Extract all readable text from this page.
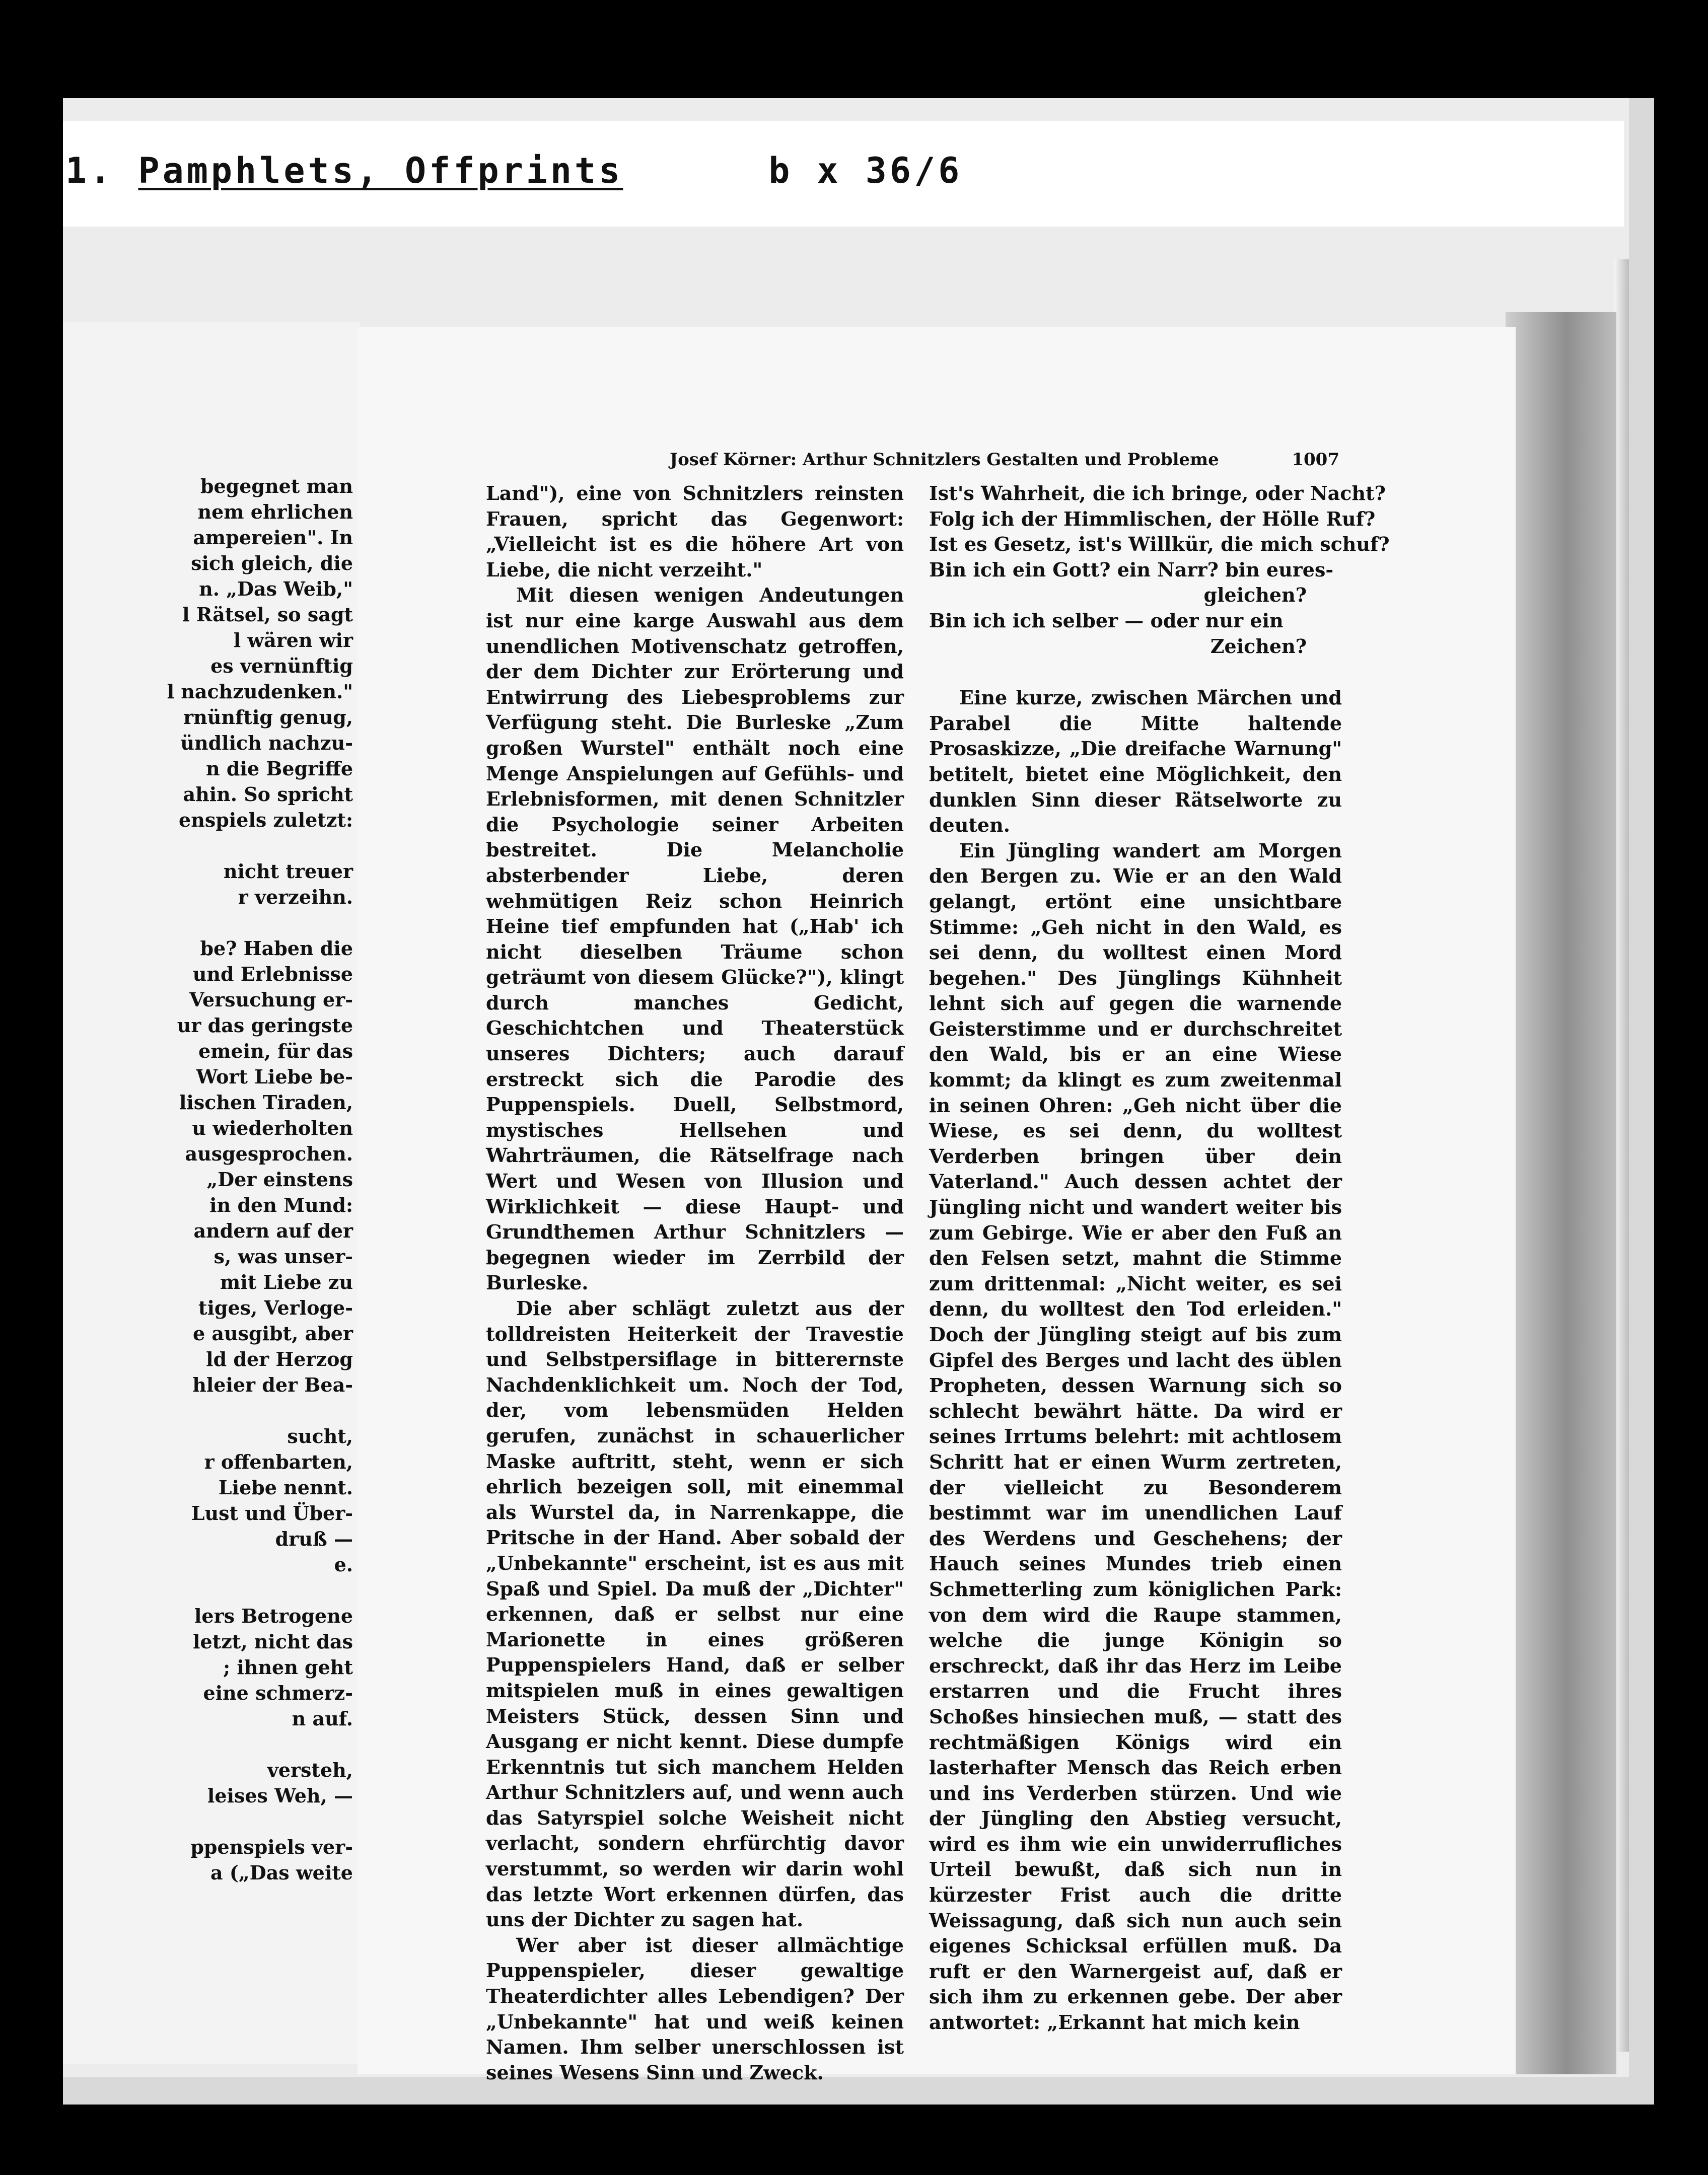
1. Pamphlets, Offprints	b x 36/6
begegnet man
nem ehrlichen
ampereien". In
sich gleich, die
n. „Das Weib,"
l Rätsel, so sagt
l wären wir
es vernünftig
l nachzudenken."
rnünftig genug,
ündlich nachzu-
n die Begriffe
ahin. So spricht
enspiels zuletzt:

nicht treuer
r verzeihn.

be? Haben die
und Erlebnisse
Versuchung er-
ur das geringste
emein, für das
Wort Liebe be-
lischen Tiraden,
u wiederholten
ausgesprochen.
„Der einstens
in den Mund:
andern auf der
s, was unser-
mit Liebe zu
tiges, Verloge-
e ausgibt, aber
ld der Herzog
hleier der Bea-

sucht,
r offenbarten,
Liebe nennt.
Lust und Über-
druß —
e.

lers Betrogene
letzt, nicht das
; ihnen geht
eine schmerz-
n auf.

versteh,
leises Weh, —

ppenspiels ver-
a („Das weite
Josef Körner: Arthur Schnitzlers Gestalten und Probleme	1007

Land"), eine von Schnitzlers reinsten Frauen, spricht das Gegenwort: „Vielleicht ist es die höhere Art von Liebe, die nicht verzeiht."

Mit diesen wenigen Andeutungen ist nur eine karge Auswahl aus dem unendlichen Motivenschatz getroffen, der dem Dichter zur Erörterung und Entwirrung des Liebesproblems zur Verfügung steht. Die Burleske „Zum großen Wurstel" enthält noch eine Menge Anspielungen auf Gefühls- und Erlebnisformen, mit denen Schnitzler die Psychologie seiner Arbeiten bestreitet. Die Melancholie absterbender Liebe, deren wehmütigen Reiz schon Heinrich Heine tief empfunden hat („Hab' ich nicht dieselben Träume schon geträumt von diesem Glücke?"), klingt durch manches Gedicht, Geschichtchen und Theaterstück unseres Dichters; auch darauf erstreckt sich die Parodie des Puppenspiels. Duell, Selbstmord, mystisches Hellsehen und Wahrträumen, die Rätselfrage nach Wert und Wesen von Illusion und Wirklichkeit — diese Haupt- und Grundthemen Arthur Schnitzlers — begegnen wieder im Zerrbild der Burleske.

Die aber schlägt zuletzt aus der tolldreisten Heiterkeit der Travestie und Selbstpersiflage in bitterernste Nachdenklichkeit um. Noch der Tod, der, vom lebensmüden Helden gerufen, zunächst in schauerlicher Maske auftritt, steht, wenn er sich ehrlich bezeigen soll, mit einemmal als Wurstel da, in Narrenkappe, die Pritsche in der Hand. Aber sobald der „Unbekannte" erscheint, ist es aus mit Spaß und Spiel. Da muß der „Dichter" erkennen, daß er selbst nur eine Marionette in eines größeren Puppenspielers Hand, daß er selber mitspielen muß in eines gewaltigen Meisters Stück, dessen Sinn und Ausgang er nicht kennt. Diese dumpfe Erkenntnis tut sich manchem Helden Arthur Schnitzlers auf, und wenn auch das Satyrspiel solche Weisheit nicht verlacht, sondern ehrfürchtig davor verstummt, so werden wir darin wohl das letzte Wort erkennen dürfen, das uns der Dichter zu sagen hat.

Wer aber ist dieser allmächtige Puppenspieler, dieser gewaltige Theaterdichter alles Lebendigen? Der „Unbekannte" hat und weiß keinen Namen. Ihm selber unerschlossen ist seines Wesens Sinn und Zweck.

Ist's Wahrheit, die ich bringe, oder Nacht?
Folg ich der Himmlischen, der Hölle Ruf?
Ist es Gesetz, ist's Willkür, die mich schuf?
Bin ich ein Gott? ein Narr? bin eures-
gleichen?
Bin ich ich selber — oder nur ein
Zeichen?

Eine kurze, zwischen Märchen und Parabel die Mitte haltende Prosaskizze, „Die dreifache Warnung" betitelt, bietet eine Möglichkeit, den dunklen Sinn dieser Rätselworte zu deuten.

Ein Jüngling wandert am Morgen den Bergen zu. Wie er an den Wald gelangt, ertönt eine unsichtbare Stimme: „Geh nicht in den Wald, es sei denn, du wolltest einen Mord begehen." Des Jünglings Kühnheit lehnt sich auf gegen die warnende Geisterstimme und er durchschreitet den Wald, bis er an eine Wiese kommt; da klingt es zum zweitenmal in seinen Ohren: „Geh nicht über die Wiese, es sei denn, du wolltest Verderben bringen über dein Vaterland." Auch dessen achtet der Jüngling nicht und wandert weiter bis zum Gebirge. Wie er aber den Fuß an den Felsen setzt, mahnt die Stimme zum drittenmal: „Nicht weiter, es sei denn, du wolltest den Tod erleiden." Doch der Jüngling steigt auf bis zum Gipfel des Berges und lacht des üblen Propheten, dessen Warnung sich so schlecht bewährt hätte. Da wird er seines Irrtums belehrt: mit achtlosem Schritt hat er einen Wurm zertreten, der vielleicht zu Besonderem bestimmt war im unendlichen Lauf des Werdens und Geschehens; der Hauch seines Mundes trieb einen Schmetterling zum königlichen Park: von dem wird die Raupe stammen, welche die junge Königin so erschreckt, daß ihr das Herz im Leibe erstarren und die Frucht ihres Schoßes hinsiechen muß, — statt des rechtmäßigen Königs wird ein lasterhafter Mensch das Reich erben und ins Verderben stürzen. Und wie der Jüngling den Abstieg versucht, wird es ihm wie ein unwiderrufliches Urteil bewußt, daß sich nun in kürzester Frist auch die dritte Weissagung, daß sich nun auch sein eigenes Schicksal erfüllen muß. Da ruft er den Warnergeist auf, daß er sich ihm zu erkennen gebe. Der aber antwortet: „Erkannt hat mich kein
